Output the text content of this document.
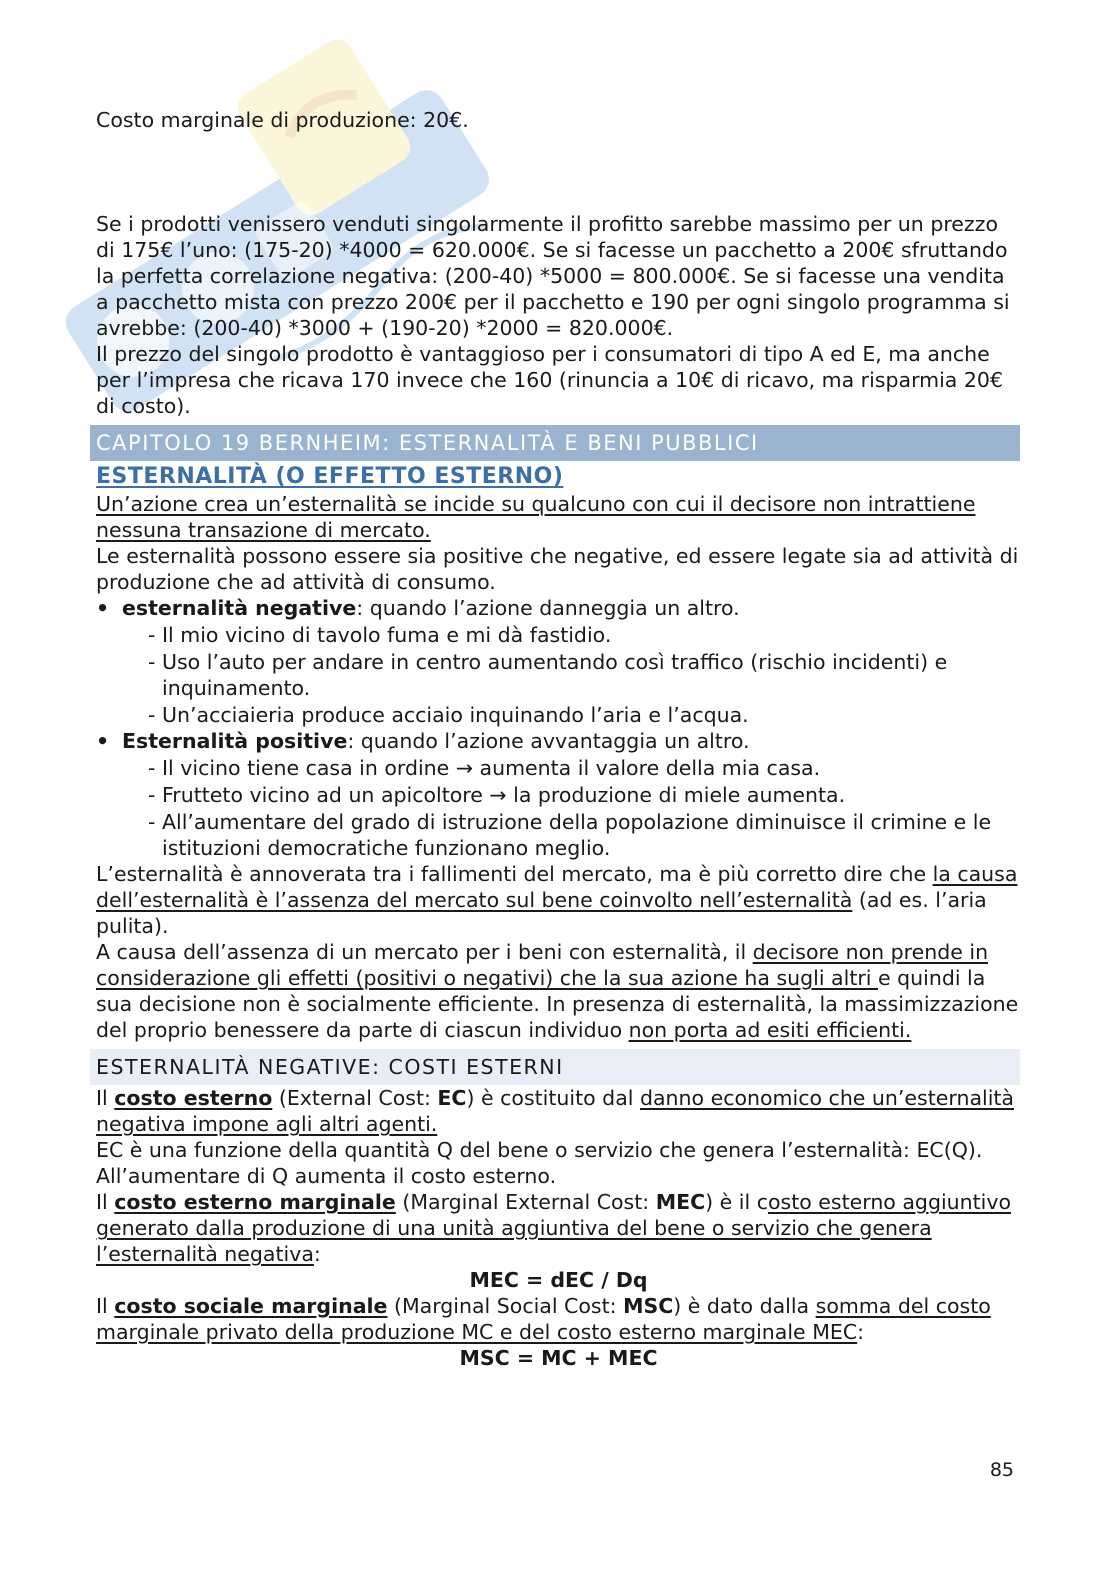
Costo marginale di produzione: 20€.

Se i prodotti venissero venduti singolarmente il profitto sarebbe massimo per un prezzo di 175€ l’uno: (175-20) *4000 = 620.000€. Se si facesse un pacchetto a 200€ sfruttando la perfetta correlazione negativa: (200-40) *5000 = 800.000€. Se si facesse una vendita a pacchetto mista con prezzo 200€ per il pacchetto e 190 per ogni singolo programma si avrebbe: (200-40) *3000 + (190-20) *2000 = 820.000€.

Il prezzo del singolo prodotto è vantaggioso per i consumatori di tipo A ed E, ma anche per l’impresa che ricava 170 invece che 160 (rinuncia a 10€ di ricavo, ma risparmia 20€ di costo).

CAPITOLO 19 BERNHEIM: ESTERNALITÀ E BENI PUBBLICI
ESTERNALITÀ (O EFFETTO ESTERNO)

Un’azione crea un’esternalità se incide su qualcuno con cui il decisore non intrattiene nessuna transazione di mercato.

Le esternalità possono essere sia positive che negative, ed essere legate sia ad attività di produzione che ad attività di consumo.

• esternalità negative: quando l’azione danneggia un altro.
- Il mio vicino di tavolo fuma e mi dà fastidio.
- Uso l’auto per andare in centro aumentando così traffico (rischio incidenti) e inquinamento.
- Un’acciaieria produce acciaio inquinando l’aria e l’acqua.
• Esternalità positive: quando l’azione avvantaggia un altro.
- Il vicino tiene casa in ordine → aumenta il valore della mia casa.
- Frutteto vicino ad un apicoltore → la produzione di miele aumenta.
- All’aumentare del grado di istruzione della popolazione diminuisce il crimine e le istituzioni democratiche funzionano meglio.

L’esternalità è annoverata tra i fallimenti del mercato, ma è più corretto dire che la causa dell’esternalità è l’assenza del mercato sul bene coinvolto nell’esternalità (ad es. l’aria pulita).

A causa dell’assenza di un mercato per i beni con esternalità, il decisore non prende in considerazione gli effetti (positivi o negativi) che la sua azione ha sugli altri e quindi la sua decisione non è socialmente efficiente. In presenza di esternalità, la massimizzazione del proprio benessere da parte di ciascun individuo non porta ad esiti efficienti.

ESTERNALITÀ NEGATIVE: COSTI ESTERNI

Il costo esterno (External Cost: EC) è costituito dal danno economico che un’esternalità negativa impone agli altri agenti.

EC è una funzione della quantità Q del bene o servizio che genera l’esternalità: EC(Q). All’aumentare di Q aumenta il costo esterno.

Il costo esterno marginale (Marginal External Cost: MEC) è il costo esterno aggiuntivo generato dalla produzione di una unità aggiuntiva del bene o servizio che genera l’esternalità negativa:

MEC = dEC / Dq

Il costo sociale marginale (Marginal Social Cost: MSC) è dato dalla somma del costo marginale privato della produzione MC e del costo esterno marginale MEC:

MSC = MC + MEC

85
